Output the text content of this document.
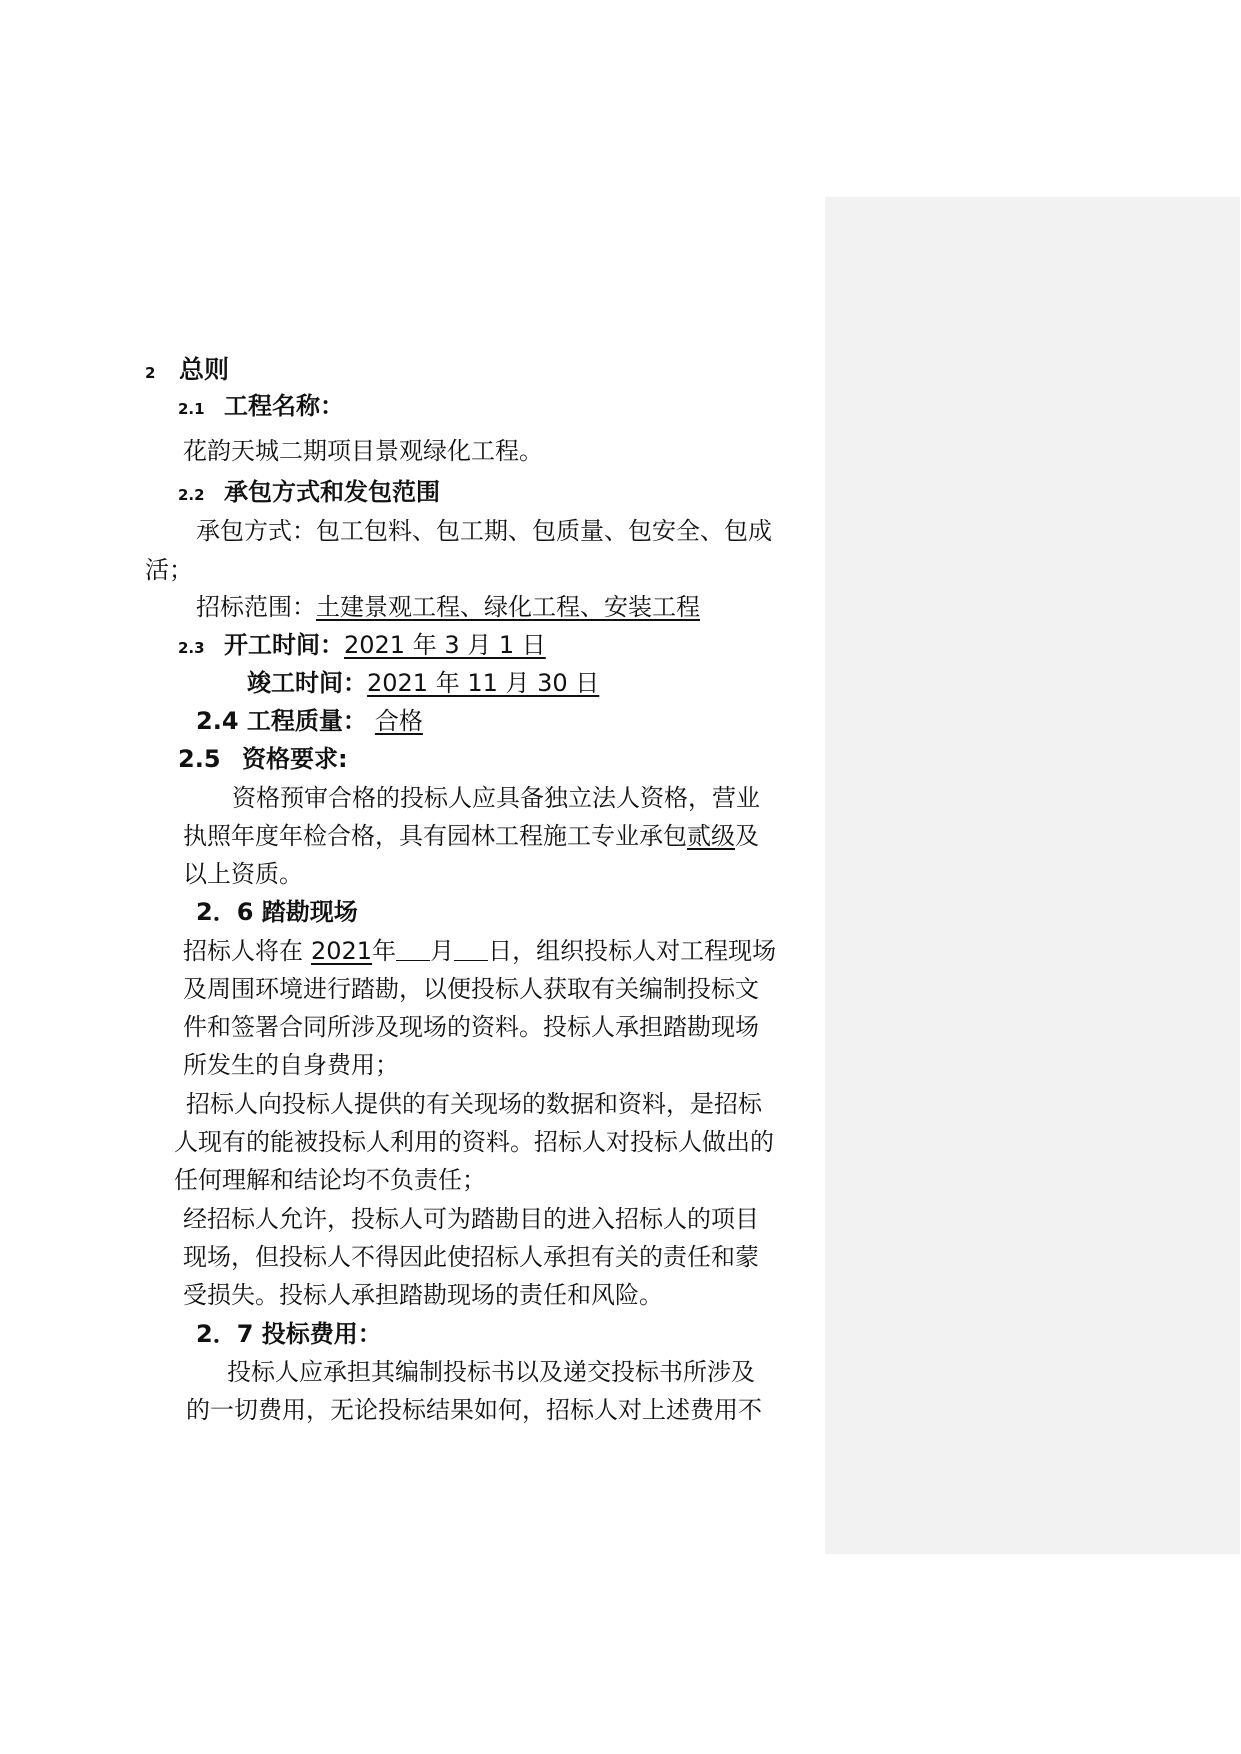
2 总则
2.1 工程名称：
花韵天城二期项目景观绿化工程。
2.2 承包方式和发包范围
承包方式：包工包料、包工期、包质量、包安全、包成
活；
招标范围：土建景观工程、绿化工程、安装工程
2.3 开工时间：2021 年 3 月 1 日
竣工时间：2021 年 11 月 30 日
2.4 工程质量： 合格
2.5 资格要求:
资格预审合格的投标人应具备独立法人资格，营业
执照年度年检合格，具有园林工程施工专业承包贰级及
以上资质。
2．6 踏勘现场
招标人将在 2021年 月 日，组织投标人对工程现场
及周围环境进行踏勘，以便投标人获取有关编制投标文
件和签署合同所涉及现场的资料。投标人承担踏勘现场
所发生的自身费用；
招标人向投标人提供的有关现场的数据和资料，是招标
人现有的能被投标人利用的资料。招标人对投标人做出的
任何理解和结论均不负责任；
经招标人允许，投标人可为踏勘目的进入招标人的项目
现场，但投标人不得因此使招标人承担有关的责任和蒙
受损失。投标人承担踏勘现场的责任和风险。
2．7 投标费用：
投标人应承担其编制投标书以及递交投标书所涉及
的一切费用，无论投标结果如何，招标人对上述费用不
